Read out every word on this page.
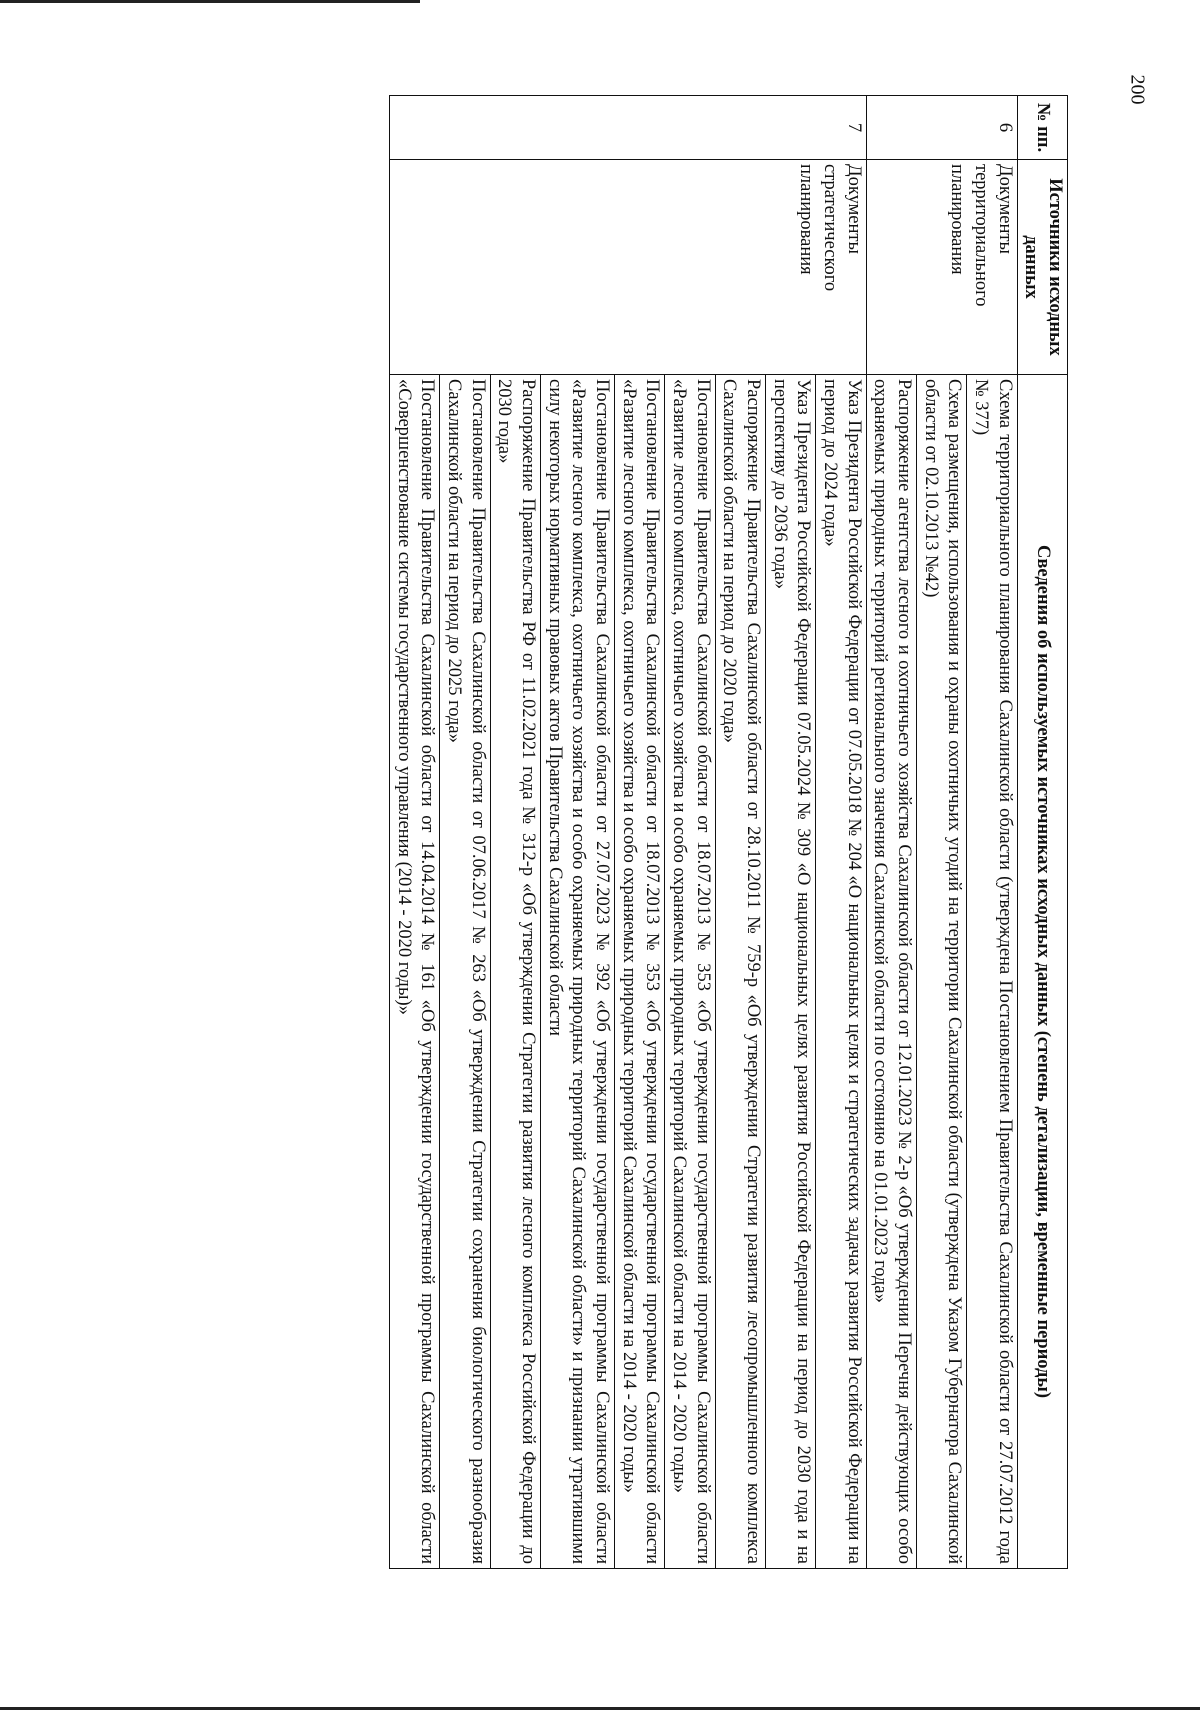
200
№ пп.	Источники исходных данных	Сведения об используемых источниках исходных данных (степень детализации, временные периоды)
6	Документы территориального планирования	Схема территориального планирования Сахалинской области (утверждена Постановлением Правительства Сахалинской области от 27.07.2012 года № 377)
		Схема размещения, использования и охраны охотничьих угодий на территории Сахалинской области (утверждена Указом Губернатора Сахалинской области от 02.10.2013 №42)
		Распоряжение агентства лесного и охотничьего хозяйства Сахалинской области от 12.01.2023 № 2-р «Об утверждении Перечня действующих особо охраняемых природных территорий регионального значения Сахалинской области по состоянию на 01.01.2023 года»
7	Документы стратегического планирования	Указ Президента Российской Федерации от 07.05.2018 № 204 «О национальных целях и стратегических задачах развития Российской Федерации на период до 2024 года»
		Указ Президента Российской Федерации 07.05.2024 № 309 «О национальных целях развития Российской Федерации на период до 2030 года и на перспективу до 2036 года»
		Распоряжение Правительства Сахалинской области от 28.10.2011 № 759-р «Об утверждении Стратегии развития лесопромышленного комплекса Сахалинской области на период до 2020 года»
		Постановление Правительства Сахалинской области от 18.07.2013 № 353 «Об утверждении государственной программы Сахалинской области «Развитие лесного комплекса, охотничьего хозяйства и особо охраняемых природных территорий Сахалинской области на 2014 - 2020 годы»
		Постановление Правительства Сахалинской области от 18.07.2013 № 353 «Об утверждении государственной программы Сахалинской области «Развитие лесного комплекса, охотничьего хозяйства и особо охраняемых природных территорий Сахалинской области на 2014 - 2020 годы»
		Постановление Правительства Сахалинской области от 27.07.2023 № 392 «Об утверждении государственной программы Сахалинской области «Развитие лесного комплекса, охотничьего хозяйства и особо охраняемых природных территорий Сахалинской области» и признании утратившими силу некоторых нормативных правовых актов Правительства Сахалинской области
		Распоряжение Правительства РФ от 11.02.2021 года № 312-р «Об утверждении Стратегии развития лесного комплекса Российской Федерации до 2030 года»
		Постановление Правительства Сахалинской области от 07.06.2017 № 263 «Об утверждении Стратегии сохранения биологического разнообразия Сахалинской области на период до 2025 года»
		Постановление Правительства Сахалинской области от 14.04.2014 № 161 «Об утверждении государственной программы Сахалинской области «Совершенствование системы государственного управления (2014 - 2020 годы)»
